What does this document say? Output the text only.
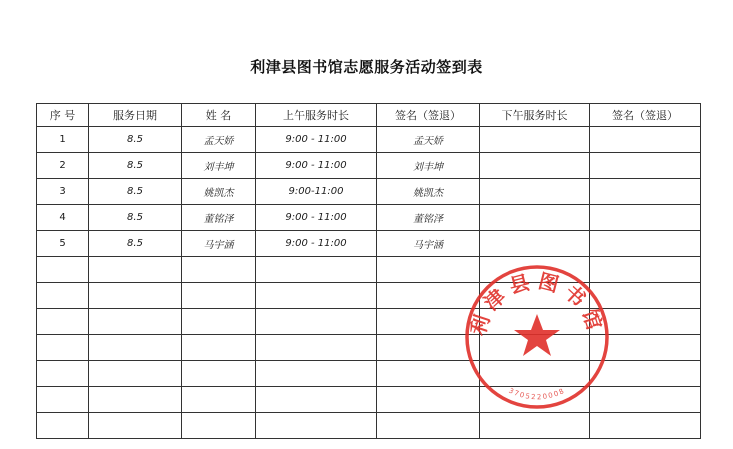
利津县图书馆志愿服务活动签到表
序 号	服务日期	姓 名	上午服务时长	签名（签退）	下午服务时长	签名（签退）
1	8.5	孟天娇	9:00 - 11:00	孟天娇		
2	8.5	刘丰坤	9:00 - 11:00	刘丰坤		
3	8.5	姚凯杰	9:00-11:00	姚凯杰		
4	8.5	董铭泽	9:00 - 11:00	董铭泽		
5	8.5	马宇涵	9:00 - 11:00	马宇涵		

利津县图书馆
3705220008
